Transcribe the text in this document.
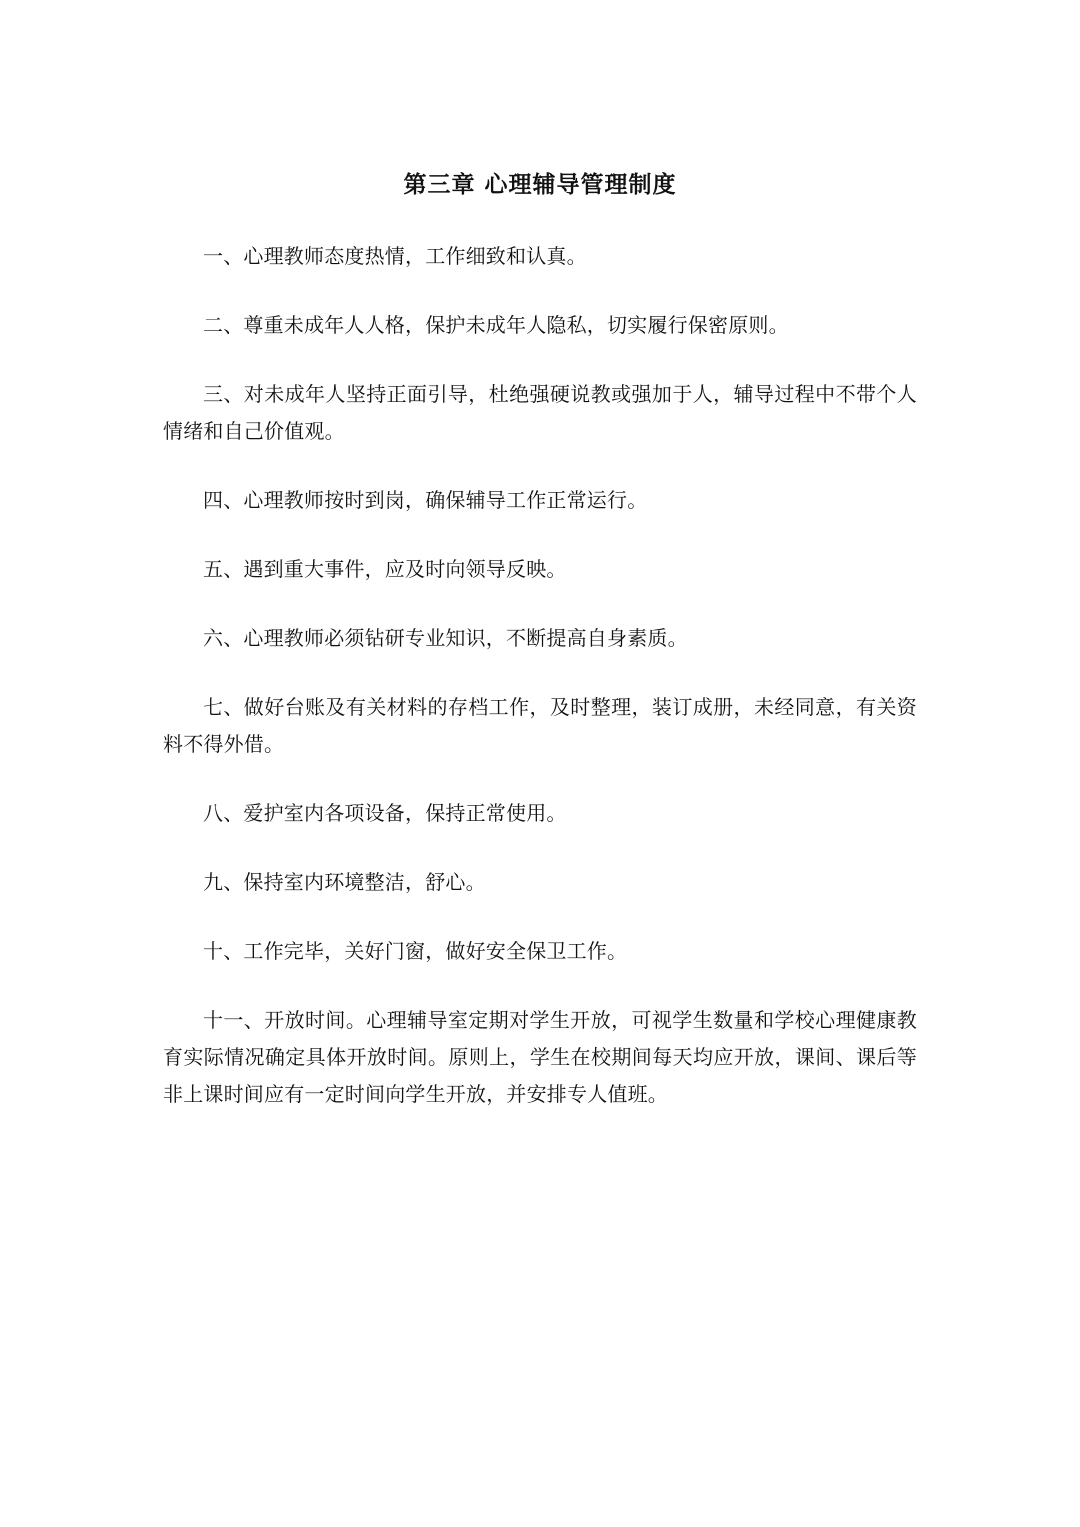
第三章 心理辅导管理制度

一、心理教师态度热情，工作细致和认真。

二、尊重未成年人人格，保护未成年人隐私，切实履行保密原则。

三、对未成年人坚持正面引导，杜绝强硬说教或强加于人，辅导过程中不带个人情绪和自己价值观。

四、心理教师按时到岗，确保辅导工作正常运行。

五、遇到重大事件，应及时向领导反映。

六、心理教师必须钻研专业知识，不断提高自身素质。

七、做好台账及有关材料的存档工作，及时整理，装订成册，未经同意，有关资料不得外借。

八、爱护室内各项设备，保持正常使用。

九、保持室内环境整洁，舒心。

十、工作完毕，关好门窗，做好安全保卫工作。

十一、开放时间。心理辅导室定期对学生开放，可视学生数量和学校心理健康教育实际情况确定具体开放时间。原则上，学生在校期间每天均应开放，课间、课后等非上课时间应有一定时间向学生开放，并安排专人值班。
